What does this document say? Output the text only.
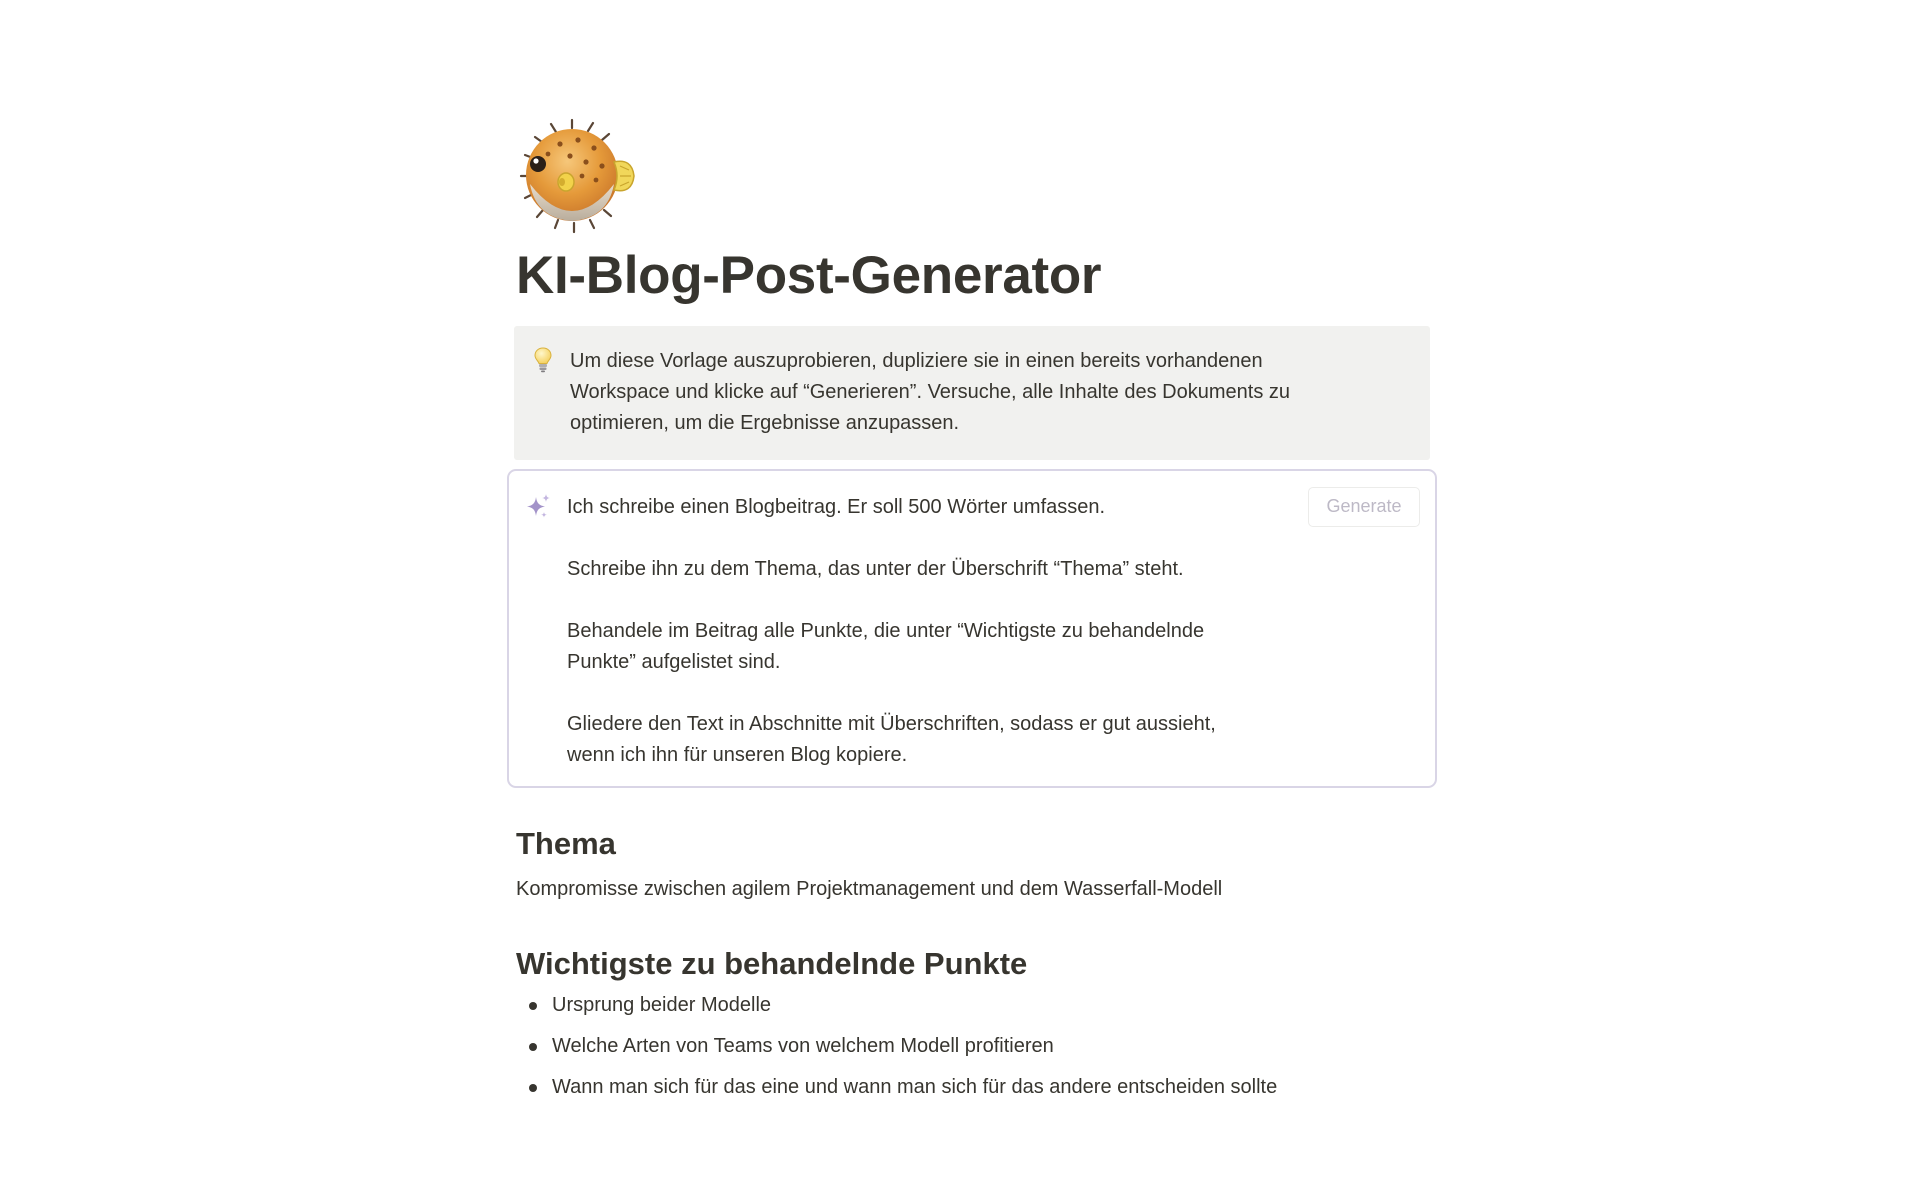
KI-Blog-Post-Generator
Um diese Vorlage auszuprobieren, dupliziere sie in einen bereits vorhandenen
Workspace und klicke auf “Generieren”. Versuche, alle Inhalte des Dokuments zu
optimieren, um die Ergebnisse anzupassen.

Ich schreibe einen Blogbeitrag. Er soll 500 Wörter umfassen.

Schreibe ihn zu dem Thema, das unter der Überschrift “Thema” steht.

Behandele im Beitrag alle Punkte, die unter “Wichtigste zu behandelnde
Punkte” aufgelistet sind.

Gliedere den Text in Abschnitte mit Überschriften, sodass er gut aussieht,
wenn ich ihn für unseren Blog kopiere.

Generate
Thema
Kompromisse zwischen agilem Projektmanagement und dem Wasserfall-Modell
Wichtigste zu behandelnde Punkte
Ursprung beider Modelle
Welche Arten von Teams von welchem Modell profitieren
Wann man sich für das eine und wann man sich für das andere entscheiden sollte
